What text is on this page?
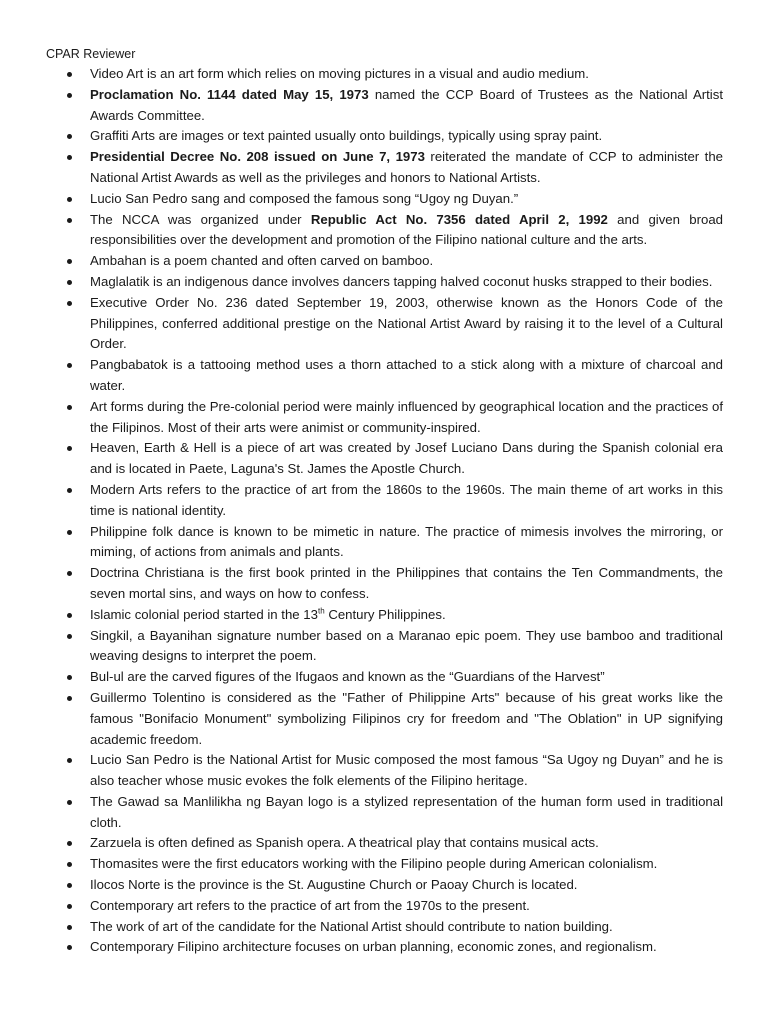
CPAR Reviewer
Video Art is an art form which relies on moving pictures in a visual and audio medium.
Proclamation No. 1144 dated May 15, 1973 named the CCP Board of Trustees as the National Artist Awards Committee.
Graffiti Arts are images or text painted usually onto buildings, typically using spray paint.
Presidential Decree No. 208 issued on June 7, 1973 reiterated the mandate of CCP to administer the National Artist Awards as well as the privileges and honors to National Artists.
Lucio San Pedro sang and composed the famous song “Ugoy ng Duyan.”
The NCCA was organized under Republic Act No. 7356 dated April 2, 1992 and given broad responsibilities over the development and promotion of the Filipino national culture and the arts.
Ambahan is a poem chanted and often carved on bamboo.
Maglalatik is an indigenous dance involves dancers tapping halved coconut husks strapped to their bodies.
Executive Order No. 236 dated September 19, 2003, otherwise known as the Honors Code of the Philippines, conferred additional prestige on the National Artist Award by raising it to the level of a Cultural Order.
Pangbabatok is a tattooing method uses a thorn attached to a stick along with a mixture of charcoal and water.
Art forms during the Pre-colonial period were mainly influenced by geographical location and the practices of the Filipinos. Most of their arts were animist or community-inspired.
Heaven, Earth & Hell is a piece of art was created by Josef Luciano Dans during the Spanish colonial era and is located in Paete, Laguna's St. James the Apostle Church.
Modern Arts refers to the practice of art from the 1860s to the 1960s. The main theme of art works in this time is national identity.
Philippine folk dance is known to be mimetic in nature. The practice of mimesis involves the mirroring, or miming, of actions from animals and plants.
Doctrina Christiana is the first book printed in the Philippines that contains the Ten Commandments, the seven mortal sins, and ways on how to confess.
Islamic colonial period started in the 13th Century Philippines.
Singkil, a Bayanihan signature number based on a Maranao epic poem. They use bamboo and traditional weaving designs to interpret the poem.
Bul-ul are the carved figures of the Ifugaos and known as the “Guardians of the Harvest”
Guillermo Tolentino is considered as the "Father of Philippine Arts" because of his great works like the famous "Bonifacio Monument" symbolizing Filipinos cry for freedom and "The Oblation" in UP signifying academic freedom.
Lucio San Pedro is the National Artist for Music composed the most famous “Sa Ugoy ng Duyan” and he is also teacher whose music evokes the folk elements of the Filipino heritage.
The Gawad sa Manlilikha ng Bayan logo is a stylized representation of the human form used in traditional cloth.
Zarzuela is often defined as Spanish opera. A theatrical play that contains musical acts.
Thomasites were the first educators working with the Filipino people during American colonialism.
Ilocos Norte is the province is the St. Augustine Church or Paoay Church is located.
Contemporary art refers to the practice of art from the 1970s to the present.
The work of art of the candidate for the National Artist should contribute to nation building.
Contemporary Filipino architecture focuses on urban planning, economic zones, and regionalism.
